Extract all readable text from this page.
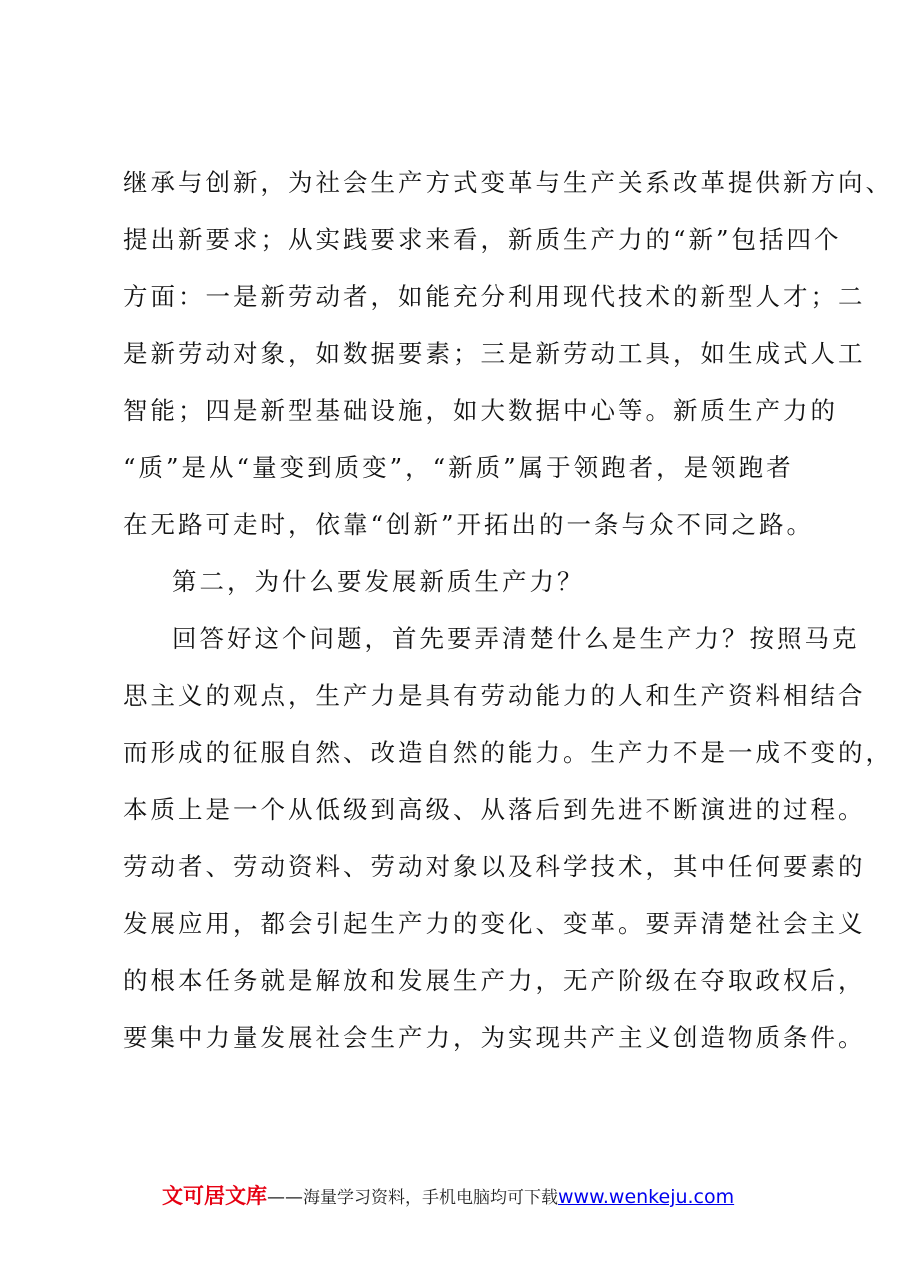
继承与创新，为社会生产方式变革与生产关系改革提供新方向、
提出新要求；从实践要求来看，新质生产力的“新”包括四个
方面：一是新劳动者，如能充分利用现代技术的新型人才；二
是新劳动对象，如数据要素；三是新劳动工具，如生成式人工
智能；四是新型基础设施，如大数据中心等。新质生产力的
“质”是从“量变到质变”，“新质”属于领跑者，是领跑者
在无路可走时，依靠“创新”开拓出的一条与众不同之路。
第二，为什么要发展新质生产力？
回答好这个问题，首先要弄清楚什么是生产力？按照马克
思主义的观点，生产力是具有劳动能力的人和生产资料相结合
而形成的征服自然、改造自然的能力。生产力不是一成不变的，
本质上是一个从低级到高级、从落后到先进不断演进的过程。
劳动者、劳动资料、劳动对象以及科学技术，其中任何要素的
发展应用，都会引起生产力的变化、变革。要弄清楚社会主义
的根本任务就是解放和发展生产力，无产阶级在夺取政权后，
要集中力量发展社会生产力，为实现共产主义创造物质条件。
文可居文库——海量学习资料，手机电脑均可下载www.wenkeju.com
